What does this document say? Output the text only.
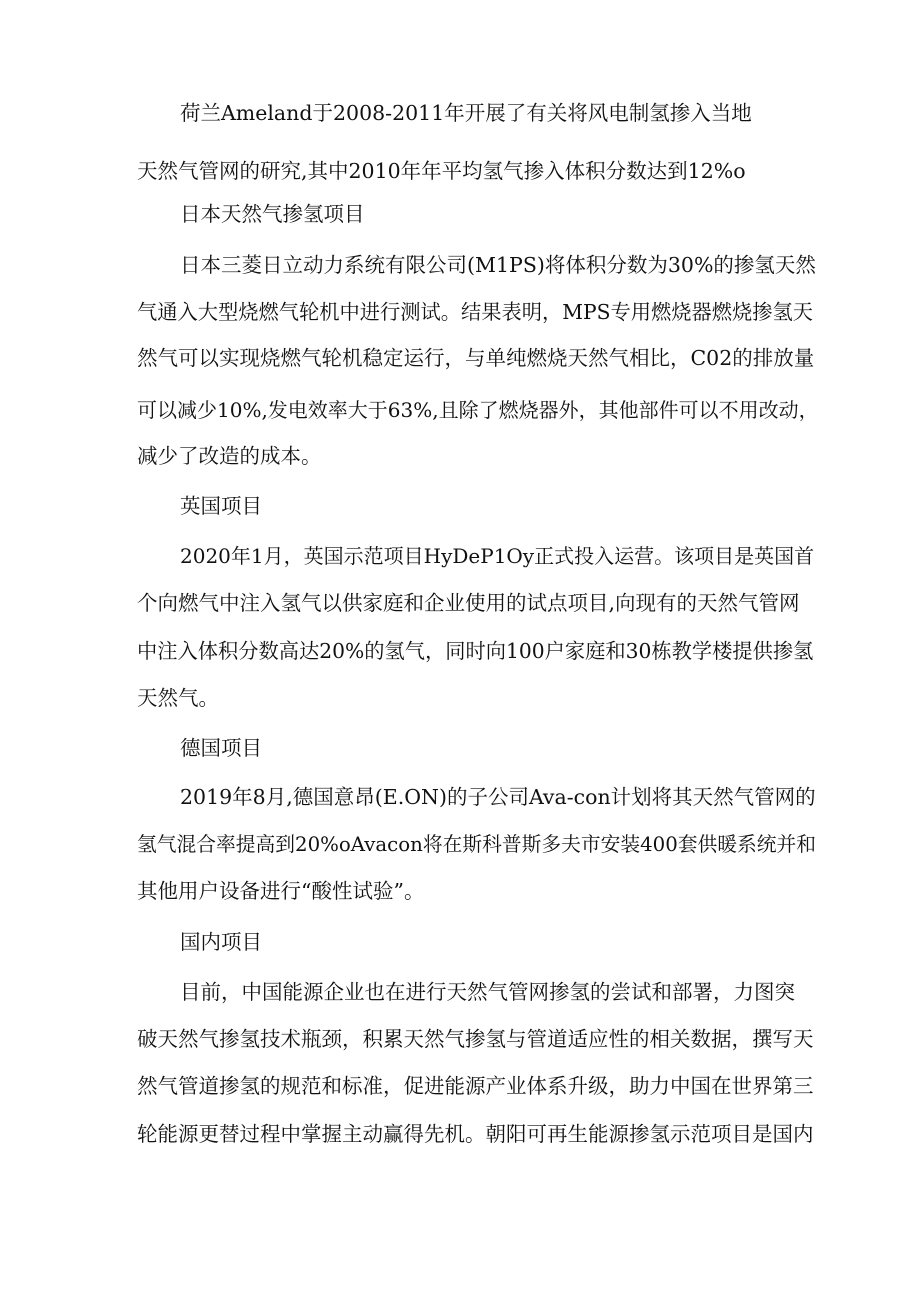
荷兰Ameland于2008-2011年开展了有关将风电制氢掺入当地
天然气管网的研究,其中2010年年平均氢气掺入体积分数达到12%o
日本天然气掺氢项目
日本三菱日立动力系统有限公司(M1PS)将体积分数为30%的掺氢天然
气通入大型烧燃气轮机中进行测试。结果表明，MPS专用燃烧器燃烧掺氢天
然气可以实现烧燃气轮机稳定运行，与单纯燃烧天然气相比，C02的排放量
可以减少10%,发电效率大于63%,且除了燃烧器外，其他部件可以不用改动，
减少了改造的成本。
英国项目
2020年1月，英国示范项目HyDeP1Oy正式投入运营。该项目是英国首
个向燃气中注入氢气以供家庭和企业使用的试点项目,向现有的天然气管网
中注入体积分数高达20%的氢气，同时向100户家庭和30栋教学楼提供掺氢
天然气。
德国项目
2019年8月,德国意昂(E.ON)的子公司Ava-con计划将其天然气管网的
氢气混合率提高到20%oAvacon将在斯科普斯多夫市安装400套供暖系统并和
其他用户设备进行“酸性试验”。
国内项目
目前，中国能源企业也在进行天然气管网掺氢的尝试和部署，力图突
破天然气掺氢技术瓶颈，积累天然气掺氢与管道适应性的相关数据，撰写天
然气管道掺氢的规范和标准，促进能源产业体系升级，助力中国在世界第三
轮能源更替过程中掌握主动赢得先机。朝阳可再生能源掺氢示范项目是国内
